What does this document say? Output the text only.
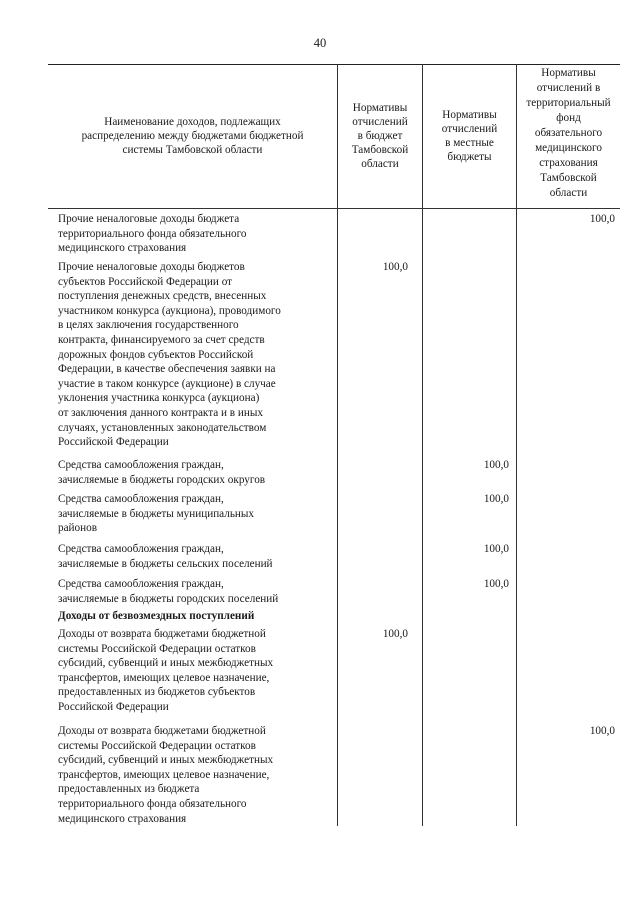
40
Наименование доходов, подлежащих
распределению между бюджетами бюджетной
системы Тамбовской области
Нормативы
отчислений
в бюджет
Тамбовской
области
Нормативы
отчислений
в местные
бюджеты
Нормативы
отчислений в
территориальный
фонд
обязательного
медицинского
страхования
Тамбовской
области
Прочие неналоговые доходы бюджета
территориального фонда обязательного
медицинского страхования
100,0
Прочие неналоговые доходы бюджетов
субъектов Российской Федерации от
поступления денежных средств, внесенных
участником конкурса (аукциона), проводимого
в целях заключения государственного
контракта, финансируемого за счет средств
дорожных фондов субъектов Российской
Федерации, в качестве обеспечения заявки на
участие в таком конкурсе (аукционе) в случае
уклонения участника конкурса (аукциона)
от заключения данного контракта и в иных
случаях, установленных законодательством
Российской Федерации
100,0
Средства самообложения граждан,
зачисляемые в бюджеты городских округов
100,0
Средства самообложения граждан,
зачисляемые в бюджеты муниципальных
районов
100,0
Средства самообложения граждан,
зачисляемые в бюджеты сельских поселений
100,0
Средства самообложения граждан,
зачисляемые в бюджеты городских поселений
100,0
Доходы от безвозмездных поступлений
Доходы от возврата бюджетами бюджетной
системы Российской Федерации остатков
субсидий, субвенций и иных межбюджетных
трансфертов, имеющих целевое назначение,
предоставленных из бюджетов субъектов
Российской Федерации
100,0
Доходы от возврата бюджетами бюджетной
системы Российской Федерации остатков
субсидий, субвенций и иных межбюджетных
трансфертов, имеющих целевое назначение,
предоставленных из бюджета
территориального фонда обязательного
медицинского страхования
100,0
